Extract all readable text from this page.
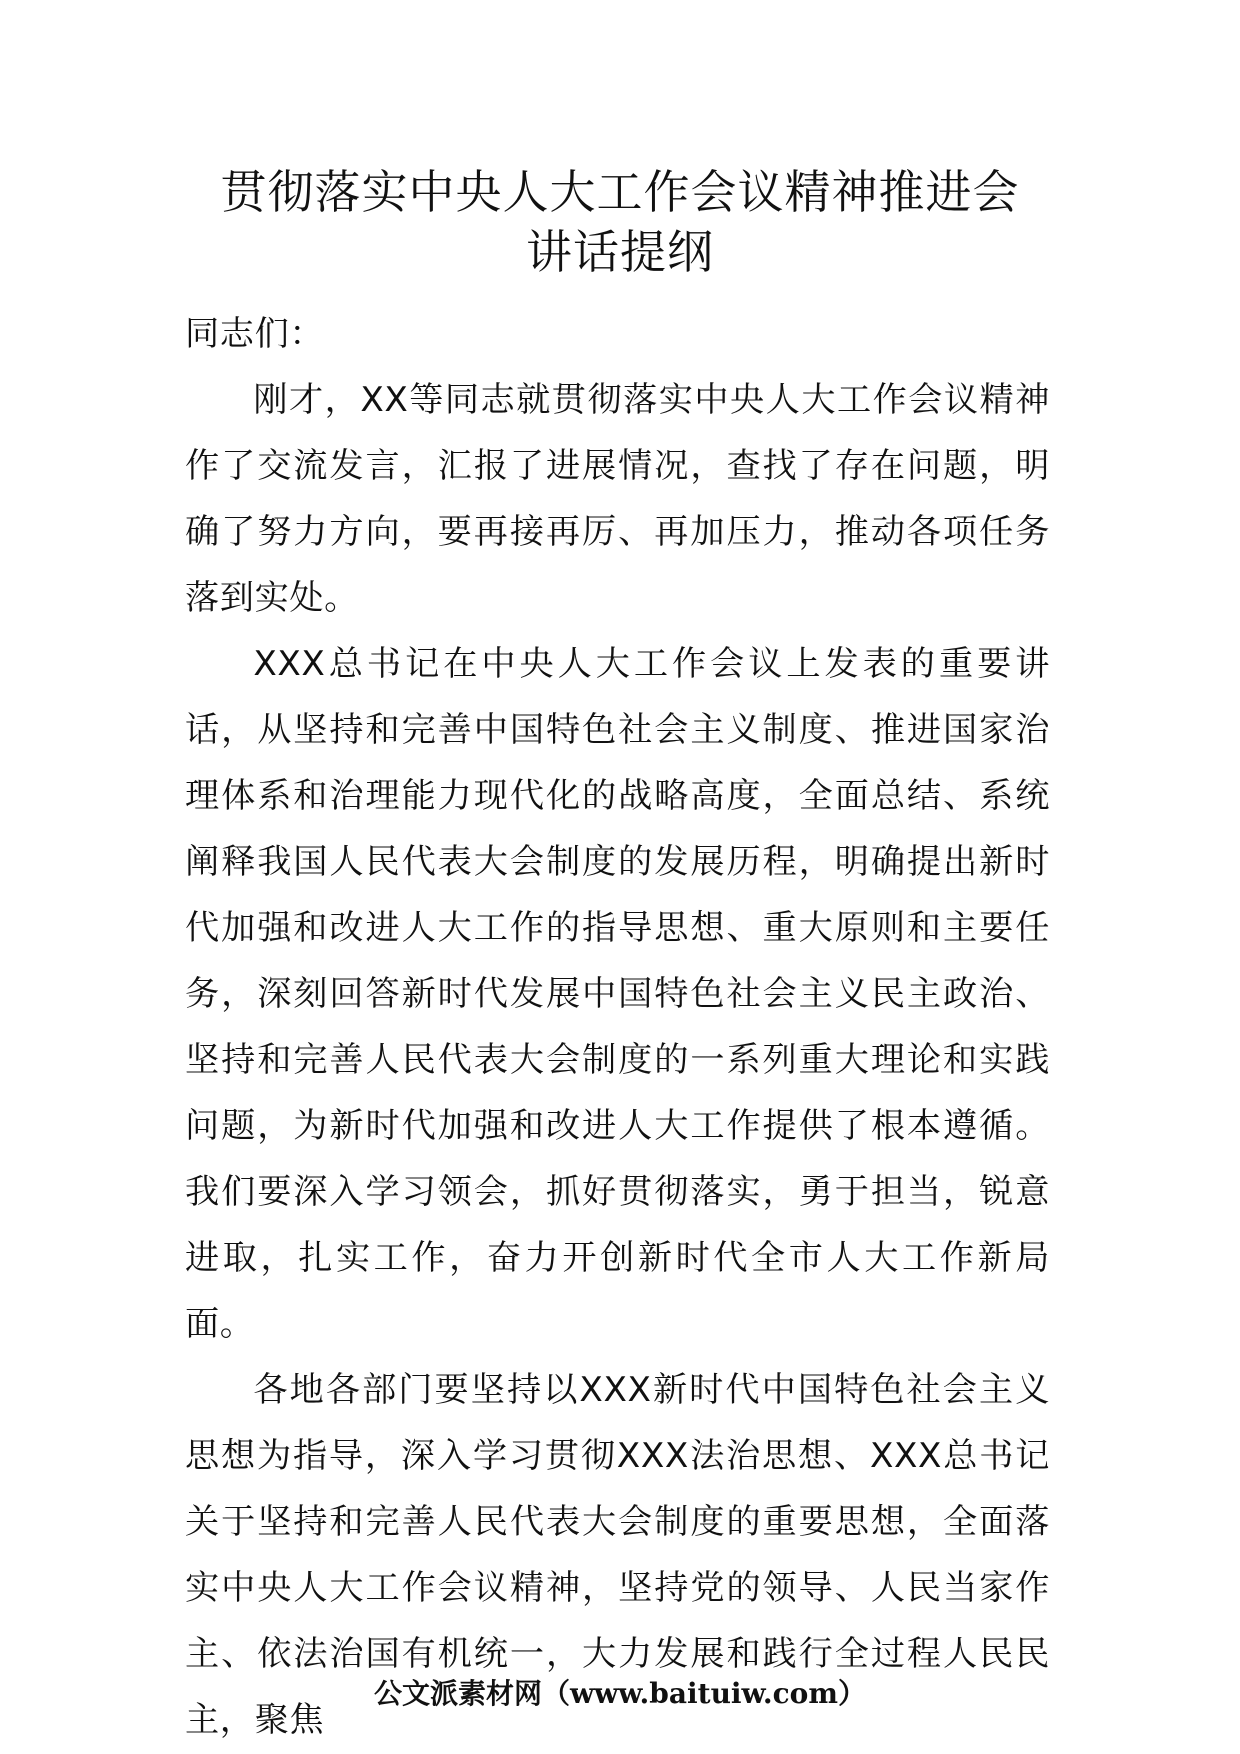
贯彻落实中央人大工作会议精神推进会
讲话提纲

同志们：

刚才，XX等同志就贯彻落实中央人大工作会议精神作了交流发言，汇报了进展情况，查找了存在问题，明确了努力方向，要再接再厉、再加压力，推动各项任务落到实处。

XXX总书记在中央人大工作会议上发表的重要讲话，从坚持和完善中国特色社会主义制度、推进国家治理体系和治理能力现代化的战略高度，全面总结、系统阐释我国人民代表大会制度的发展历程，明确提出新时代加强和改进人大工作的指导思想、重大原则和主要任务，深刻回答新时代发展中国特色社会主义民主政治、坚持和完善人民代表大会制度的一系列重大理论和实践问题，为新时代加强和改进人大工作提供了根本遵循。我们要深入学习领会，抓好贯彻落实，勇于担当，锐意进取，扎实工作，奋力开创新时代全市人大工作新局面。

各地各部门要坚持以XXX新时代中国特色社会主义思想为指导，深入学习贯彻XXX法治思想、XXX总书记关于坚持和完善人民代表大会制度的重要思想，全面落实中央人大工作会议精神，坚持党的领导、人民当家作主、依法治国有机统一，大力发展和践行全过程人民民主，聚焦

公文派素材网（www.baituiw.com）
